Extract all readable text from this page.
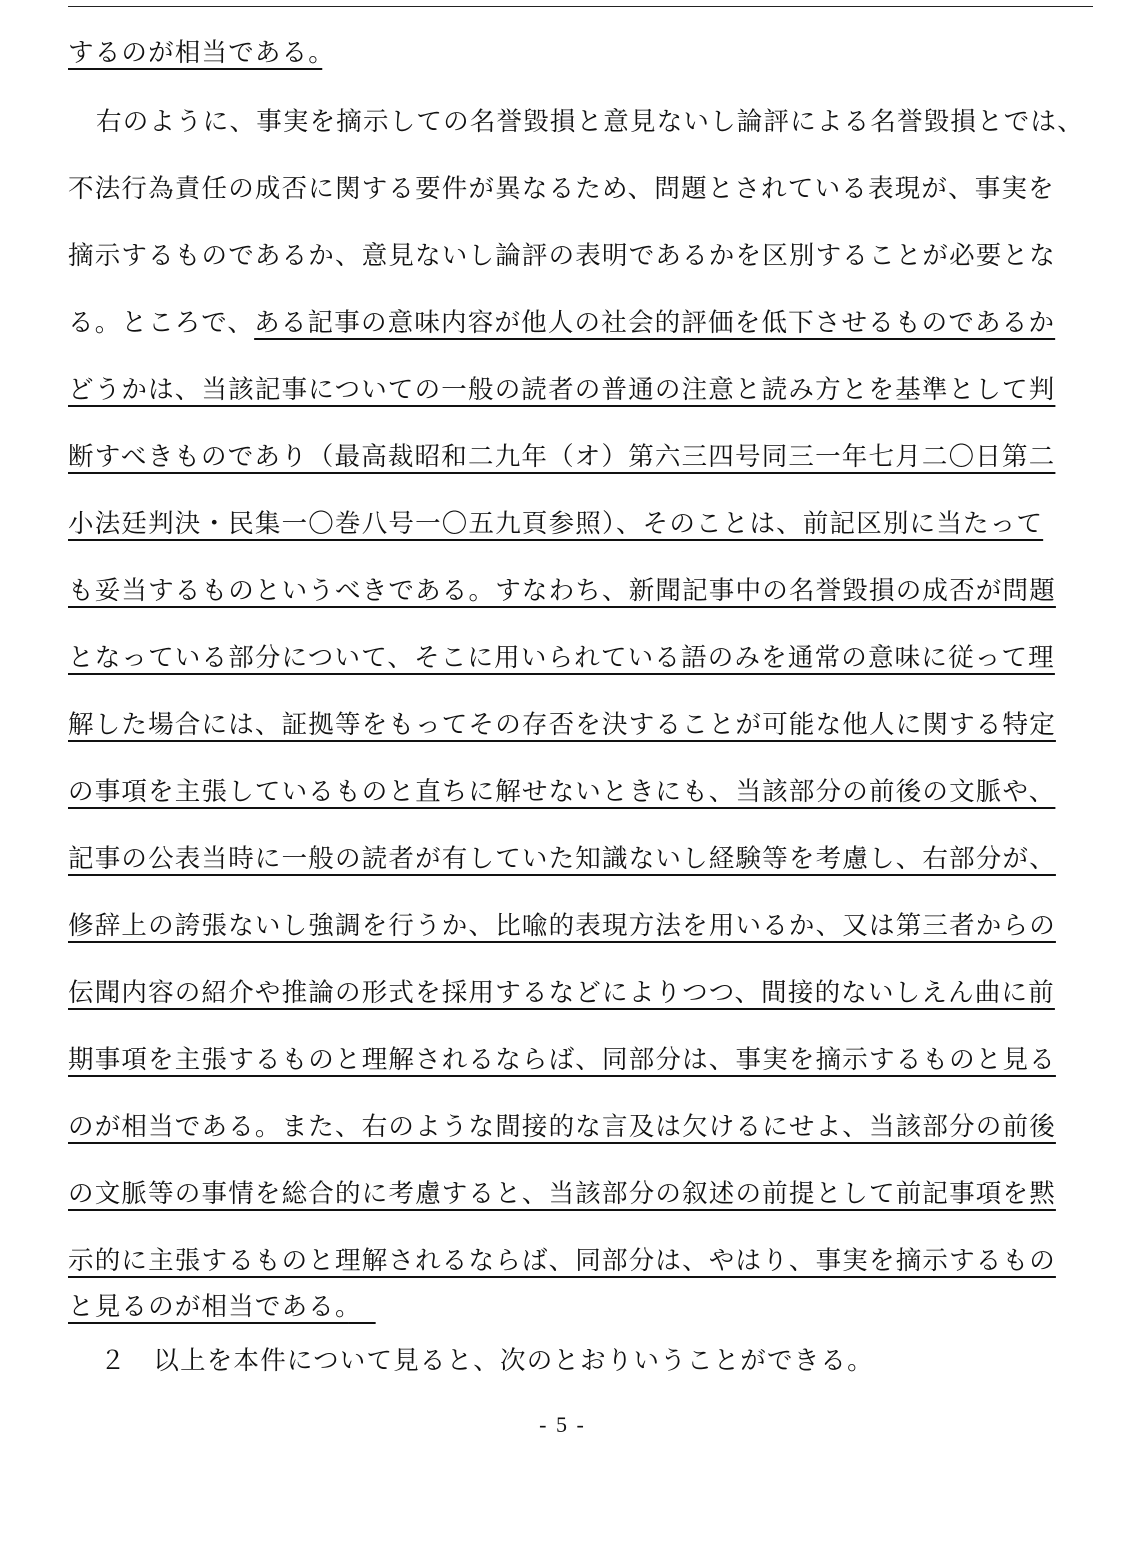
するのが相当である。　
右のように、事実を摘示しての名誉毀損と意見ないし論評による名誉毀損とでは、
不法行為責任の成否に関する要件が異なるため、問題とされている表現が、事実を
摘示するものであるか、意見ないし論評の表明であるかを区別することが必要とな
る。ところで、ある記事の意味内容が他人の社会的評価を低下させるものであるか
どうかは、当該記事についての一般の読者の普通の注意と読み方とを基準として判
断すべきものであり（最高裁昭和二九年（オ）第六三四号同三一年七月二〇日第二
小法廷判決・民集一〇巻八号一〇五九頁参照）、そのことは、前記区別に当たって
も妥当するものというべきである。すなわち、新聞記事中の名誉毀損の成否が問題
となっている部分について、そこに用いられている語のみを通常の意味に従って理
解した場合には、証拠等をもってその存否を決することが可能な他人に関する特定
の事項を主張しているものと直ちに解せないときにも、当該部分の前後の文脈や、
記事の公表当時に一般の読者が有していた知識ないし経験等を考慮し、右部分が、
修辞上の誇張ないし強調を行うか、比喩的表現方法を用いるか、又は第三者からの
伝聞内容の紹介や推論の形式を採用するなどによりつつ、間接的ないしえん曲に前
期事項を主張するものと理解されるならば、同部分は、事実を摘示するものと見る
のが相当である。また、右のような間接的な言及は欠けるにせよ、当該部分の前後
の文脈等の事情を総合的に考慮すると、当該部分の叙述の前提として前記事項を黙
示的に主張するものと理解されるならば、同部分は、やはり、事実を摘示するもの
と見るのが相当である。　
２　以上を本件について見ると、次のとおりいうことができる。
- 5 -
